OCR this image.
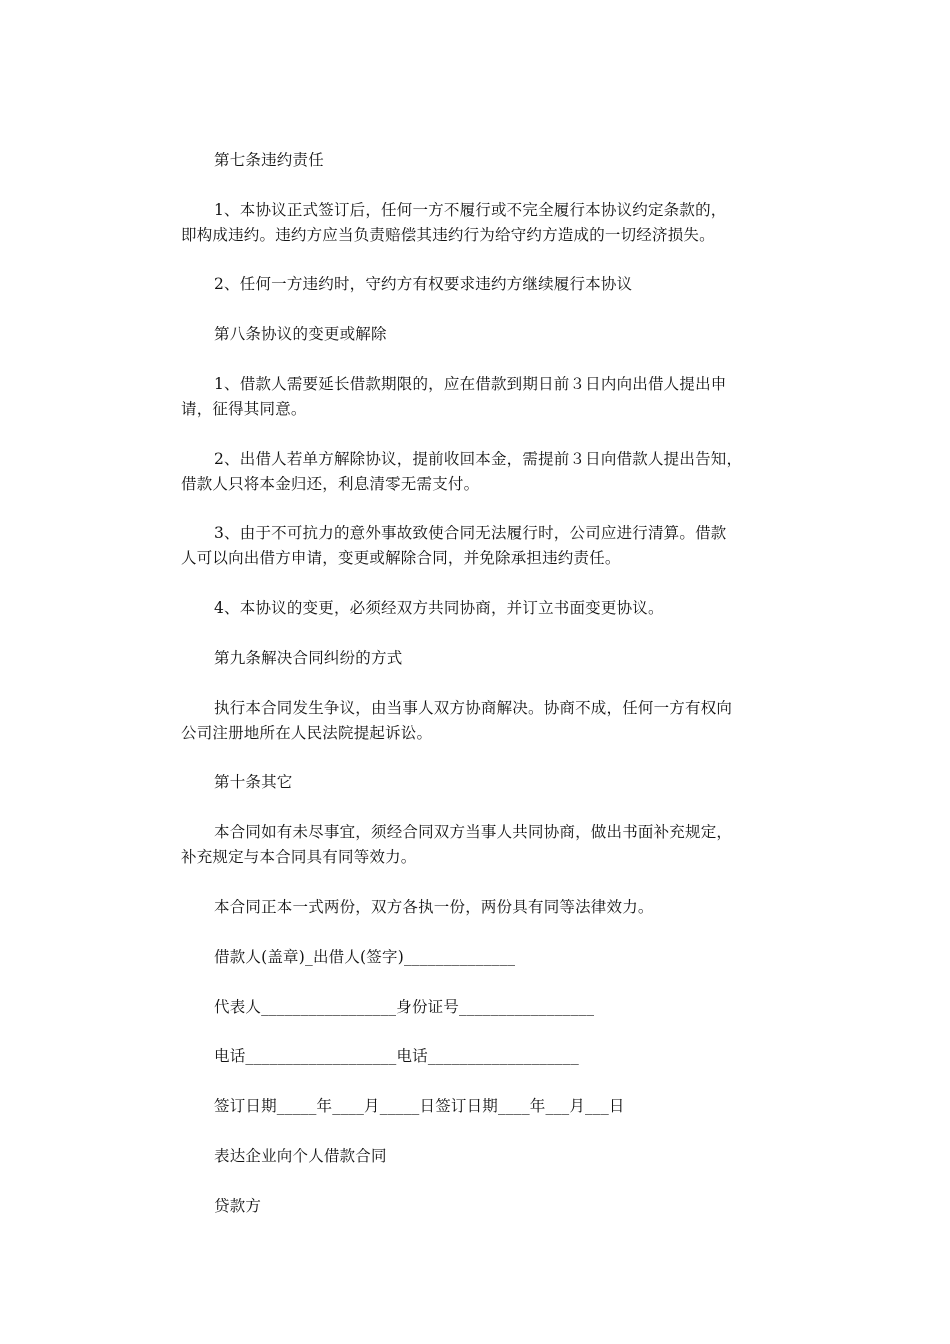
第七条违约责任

1、本协议正式签订后，任何一方不履行或不完全履行本协议约定条款的，
即构成违约。违约方应当负责赔偿其违约行为给守约方造成的一切经济损失。

2、任何一方违约时，守约方有权要求违约方继续履行本协议

第八条协议的变更或解除

1、借款人需要延长借款期限的，应在借款到期日前３日内向出借人提出申
请，征得其同意。

2、出借人若单方解除协议，提前收回本金，需提前３日向借款人提出告知，
借款人只将本金归还，利息清零无需支付。

3、由于不可抗力的意外事故致使合同无法履行时，公司应进行清算。借款
人可以向出借方申请，变更或解除合同，并免除承担违约责任。

4、本协议的变更，必须经双方共同协商，并订立书面变更协议。

第九条解决合同纠纷的方式

执行本合同发生争议，由当事人双方协商解决。协商不成，任何一方有权向
公司注册地所在人民法院提起诉讼。

第十条其它

本合同如有未尽事宜，须经合同双方当事人共同协商，做出书面补充规定，
补充规定与本合同具有同等效力。

本合同正本一式两份，双方各执一份，两份具有同等法律效力。

借款人(盖章)_出借人(签字)______________

代表人_________________身份证号_________________

电话___________________电话___________________

签订日期_____年____月_____日签订日期____年___月___日

表达企业向个人借款合同

贷款方
